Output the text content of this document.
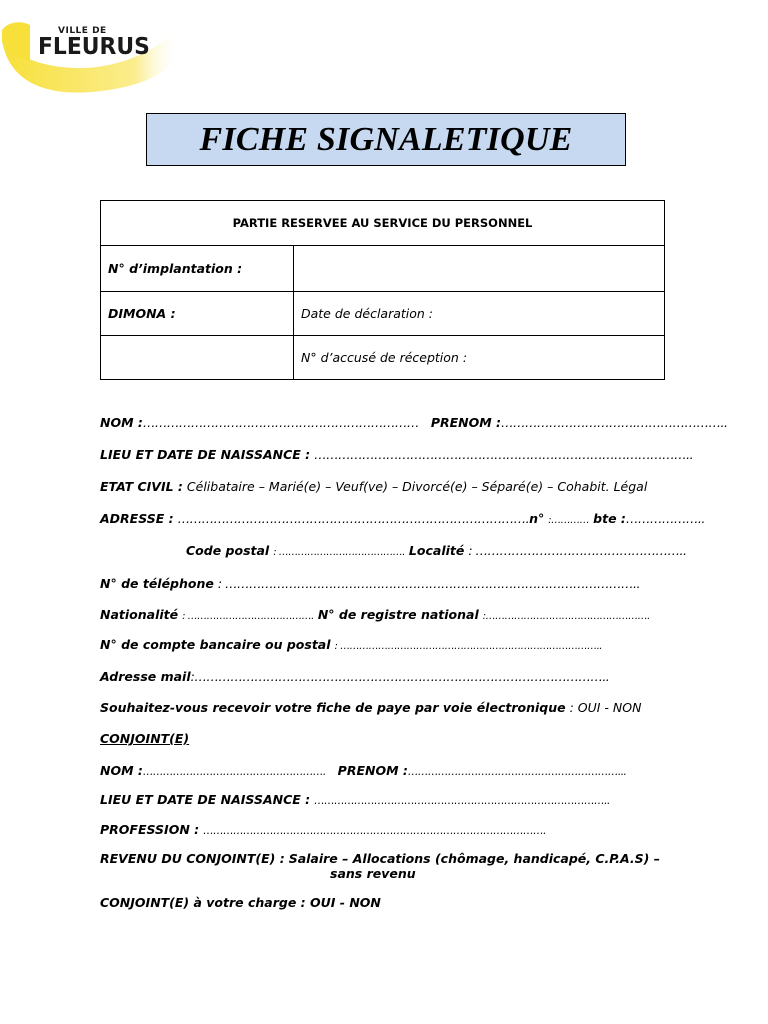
VILLE DE
FLEURUS
FICHE SIGNALETIQUE
PARTIE RESERVEE AU SERVICE DU PERSONNEL	
N° d’implantation :	
DIMONA :	Date de déclaration :
	N° d’accusé de réception :
NOM :…………………………………………………………… PRENOM :…………………………….…………………..
LIEU ET DATE DE NAISSANCE : …………………………………………………………………………………..
ETAT CIVIL : Célibataire – Marié(e) – Veuf(ve) – Divorcé(e) – Séparé(e) – Cohabit. Légal
ADRESSE : …………………………………………………………………………….n° :………… bte :………………..
Code postal : …………………………………. Localité : ……………………………………………..
N° de téléphone : …………………………………………………………………………………………..
Nationalité : …………………………………. N° de registre national :…………………………………………….
N° de compte bancaire ou postal : ………………………………………………………………………..
Adresse mail:…………………………………………………………………………………………..
Souhaitez-vous recevoir votre fiche de paye par voie électronique : OUI - NON
CONJOINT(E)
NOM :………………………………………………. PRENOM :………………………………………………………...
LIEU ET DATE DE NAISSANCE : ……………………………………………………………………………..
PROFESSION : ………………………………………………………………………………………….
REVENU DU CONJOINT(E) : Salaire – Allocations (chômage, handicapé, C.P.A.S) –
sans revenu
CONJOINT(E) à votre charge : OUI - NON
